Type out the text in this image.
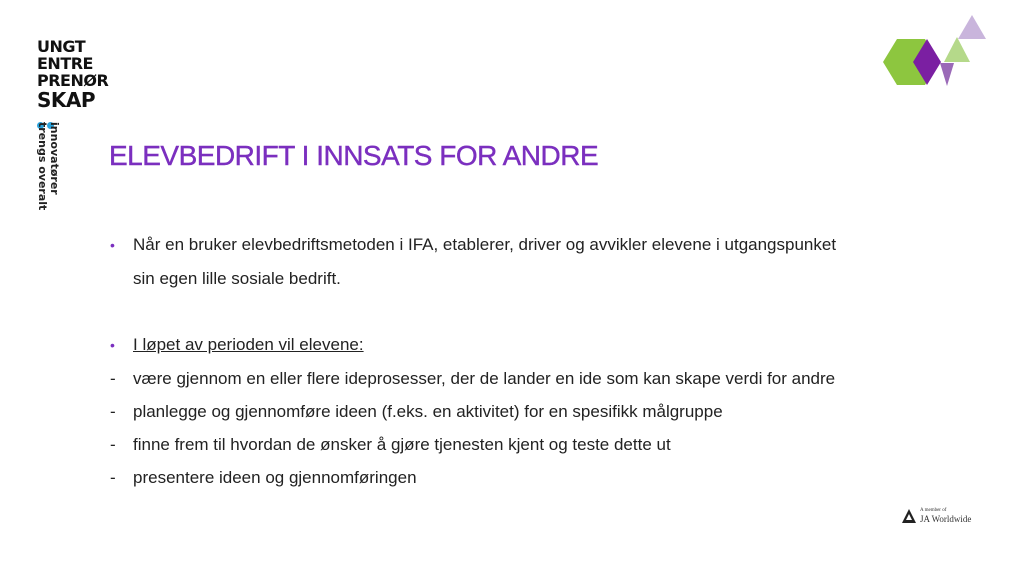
UNGT
ENTRE
PRENØR
SKAP
innovatører
trengs overalt ELEVBEDRIFT I INNSATS FOR ANDRE
• Når en bruker elevbedriftsmetoden i IFA, etablerer, driver og avvikler elevene i utgangspunket
sin egen lille sosiale bedrift.
• I løpet av perioden vil elevene:
- være gjennom en eller flere ideprosesser, der de lander en ide som kan skape verdi for andre
- planlegge og gjennomføre ideen (f.eks. en aktivitet) for en spesifikk målgruppe
- finne frem til hvordan de ønsker å gjøre tjenesten kjent og teste dette ut
- presentere ideen og gjennomføringen
A member of
JA Worldwide
